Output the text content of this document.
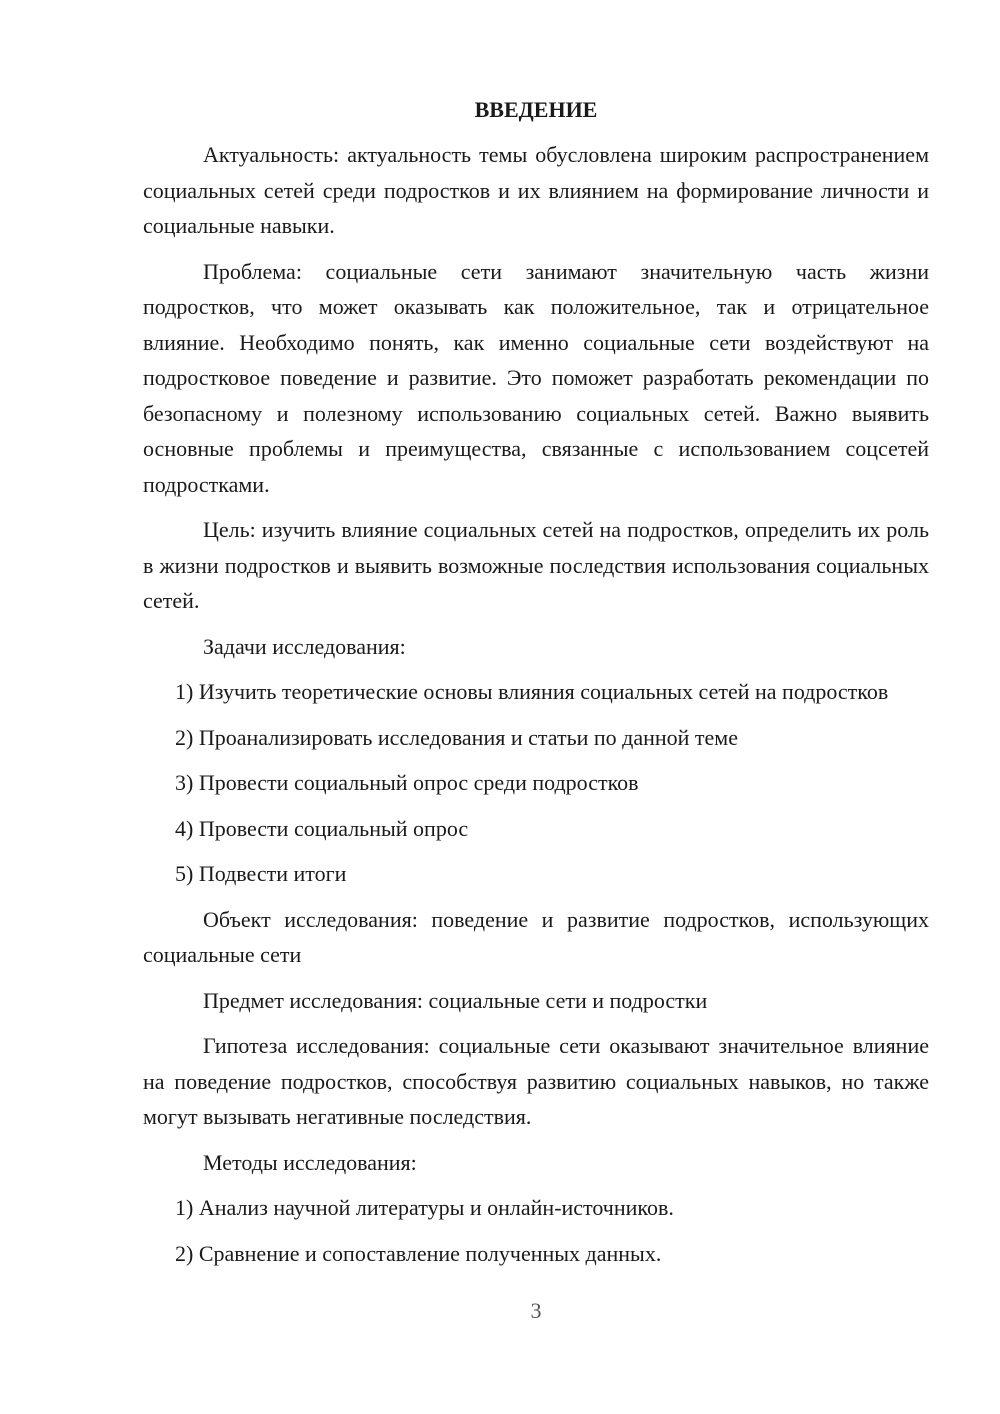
ВВЕДЕНИЕ
Актуальность: актуальность темы обусловлена широким распространением социальных сетей среди подростков и их влиянием на формирование личности и социальные навыки.
Проблема: социальные сети занимают значительную часть жизни подростков, что может оказывать как положительное, так и отрицательное влияние. Необходимо понять, как именно социальные сети воздействуют на подростковое поведение и развитие. Это поможет разработать рекомендации по безопасному и полезному использованию социальных сетей. Важно выявить основные проблемы и преимущества, связанные с использованием соцсетей подростками.
Цель: изучить влияние социальных сетей на подростков, определить их роль в жизни подростков и выявить возможные последствия использования социальных сетей.
Задачи исследования:
1) Изучить теоретические основы влияния социальных сетей на подростков
2) Проанализировать исследования и статьи по данной теме
3) Провести социальный опрос среди подростков
4) Провести социальный опрос
5) Подвести итоги
Объект исследования: поведение и развитие подростков, использующих социальные сети
Предмет исследования: социальные сети и подростки
Гипотеза исследования: социальные сети оказывают значительное влияние на поведение подростков, способствуя развитию социальных навыков, но также могут вызывать негативные последствия.
Методы исследования:
1) Анализ научной литературы и онлайн-источников.
2) Сравнение и сопоставление полученных данных.
3
